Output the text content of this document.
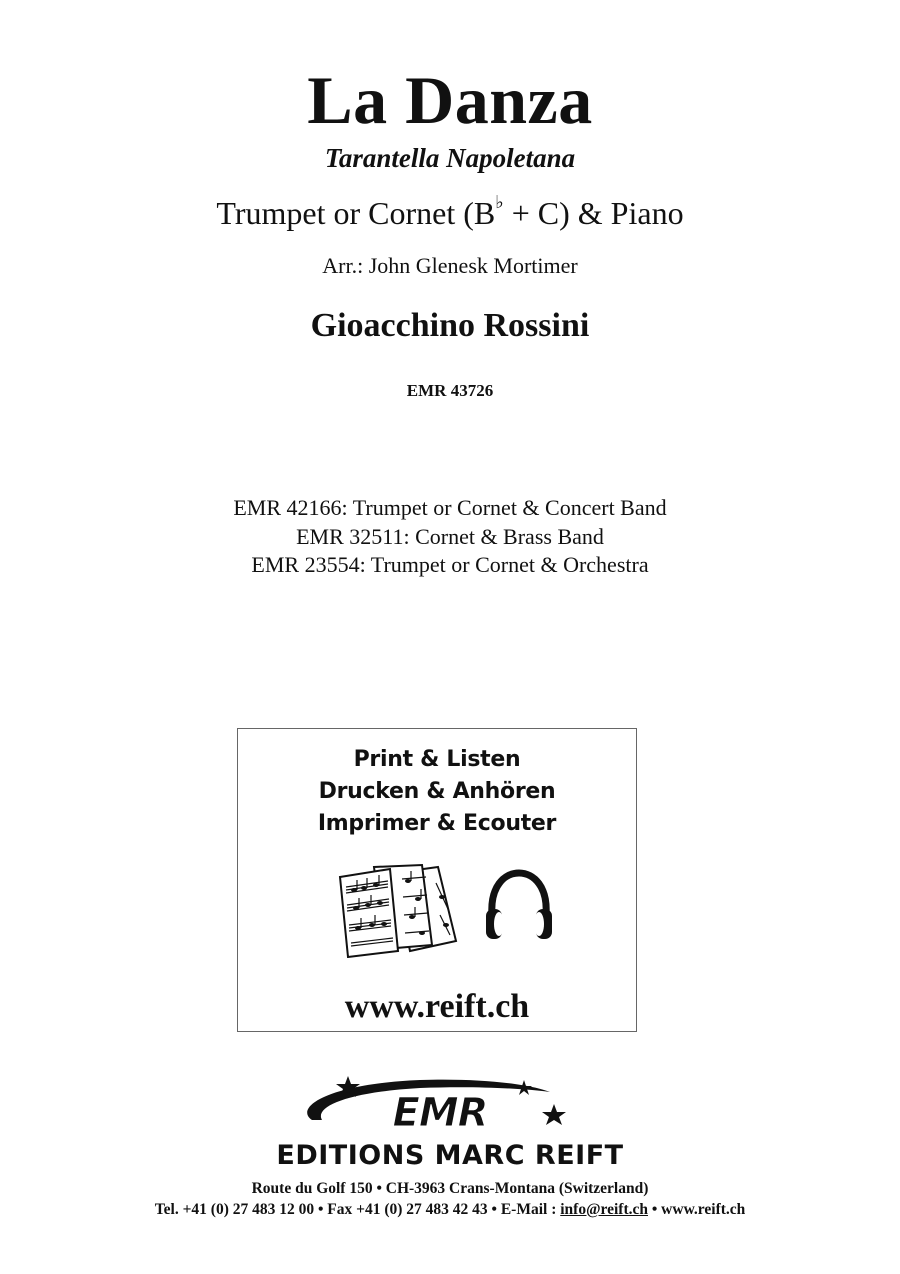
La Danza
Tarantella Napoletana
Trumpet or Cornet (B♭ + C) & Piano
Arr.: John Glenesk Mortimer
Gioacchino Rossini
EMR 43726
EMR 42166: Trumpet or Cornet & Concert Band
EMR 32511: Cornet & Brass Band
EMR 23554: Trumpet or Cornet & Orchestra
Print & Listen
Drucken & Anhören
Imprimer & Ecouter
www.reift.ch
EMR
EDITIONS MARC REIFT
Route du Golf 150 • CH-3963 Crans-Montana (Switzerland)
Tel. +41 (0) 27 483 12 00 • Fax +41 (0) 27 483 42 43 • E-Mail : info@reift.ch • www.reift.ch
